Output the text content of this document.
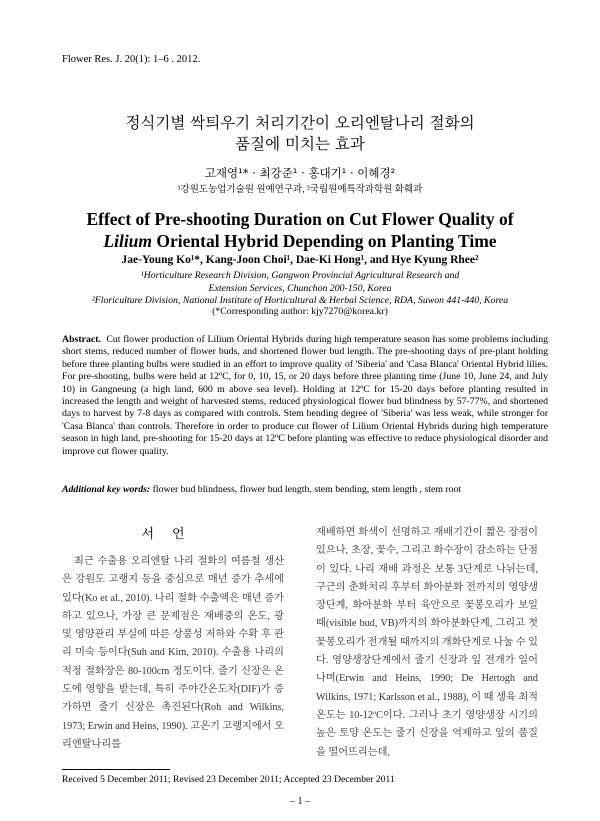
Flower Res. J. 20(1): 1–6 . 2012.
정식기별 싹틔우기 처리기간이 오리엔탈나리 절화의
품질에 미치는 효과
고재영¹* · 최강준¹ · 홍대기¹ · 이혜경²
¹강원도농업기술원 원예연구과, ²국립원예특작과학원 화훼과
Effect of Pre-shooting Duration on Cut Flower Quality of
Lilium Oriental Hybrid Depending on Planting Time
Jae-Young Ko¹*, Kang-Joon Choi¹, Dae-Ki Hong¹, and Hye Kyung Rhee²
¹Horticulture Research Division, Gangwon Provincial Agricultural Research and
Extension Services, Chunchon 200-150, Korea
²Floriculture Division, National Institute of Horticultural & Herbal Science, RDA, Suwon 441-440, Korea
(*Corresponding author: kjy7270@korea.kr)

Abstract. Cut flower production of Lilium Oriental Hybrids during high temperature season has some problems including short stems, reduced number of flower buds, and shortened flower bud length. The pre-shooting days of pre-plant holding before three planting bulbs were studied in an effort to improve quality of 'Siberia' and 'Casa Blanca' Oriental Hybrid lilies. For pre-shooting, bulbs were held at 12ºC, for 0, 10, 15, or 20 days before three planting time (June 10, June 24, and July 10) in Gangneung (a high land, 600 m above sea level). Holding at 12ºC for 15-20 days before planting resulted in increased the length and weight of harvested stems, reduced physiological flower bud blindness by 57-77%, and shortened days to harvest by 7-8 days as compared with controls. Stem bending degree of 'Siberia' was less weak, while stronger for 'Casa Blanca' than controls. Therefore in order to produce cut flower of Lilium Oriental Hybrids during high temperature season in high land, pre-shooting for 15-20 days at 12ºC before planting was effective to reduce physiological disorder and improve cut flower quality.

Additional key words: flower bud blindness, flower bud length, stem bending, stem length , stem root

서언

최근 수출용 오리엔탈 나리 절화의 여름철 생산은 강원도 고랭지 등을 중심으로 매년 증가 추세에 있다(Ko et al., 2010). 나리 절화 수출액은 매년 증가하고 있으나, 가장 큰 문제점은 재배중의 온도, 광 및 영양관리 부실에 따른 상품성 저하와 수확 후 관리 미숙 등이다(Suh and Kim, 2010). 수출용 나리의 적정 절화장은 80-100cm 정도이다. 줄기 신장은 온도에 영향을 받는데, 특히 주야간온도차(DIF)가 증가하면 줄기 신장은 촉진된다(Roh and Wilkins, 1973; Erwin and Heins, 1990). 고온기 고랭지에서 오리엔탈나리를

재배하면 화색이 선명하고 재배기간이 짧은 장점이 있으나, 초장, 꽃수, 그리고 화수장이 감소하는 단점이 있다. 나리 재배 과정은 보통 3단계로 나뉘는데, 구근의 춘화처리 후부터 화아분화 전까지의 영양생장단계, 화아분화 부터 육안으로 꽃봉오리가 보일 때(visible bud, VB)까지의 화아분화단계, 그리고 첫 꽃봉오리가 전개될 때까지의 개화단계로 나눌 수 있다. 영양생장단계에서 줄기 신장과 잎 전개가 일어나며(Erwin and Heins, 1990; De Hertogh and Wilkins, 1971; Karlsson et al., 1988), 이 때 생육 최적 온도는 10-12ºC이다. 그러나 초기 영양생장 시기의 높은 토양 온도는 줄기 신장을 억제하고 잎의 품질을 떨어뜨리는데,

Received 5 December 2011; Revised 23 December 2011; Accepted 23 December 2011
– 1 –
